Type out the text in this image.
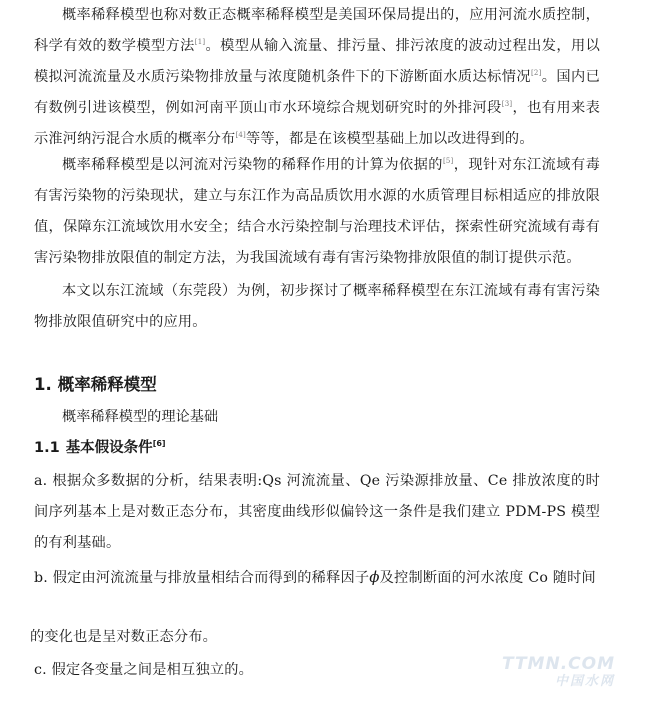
概率稀释模型也称对数正态概率稀释模型是美国环保局提出的，应用河流水质控制，科学有效的数学模型方法[1]。模型从输入流量、排污量、排污浓度的波动过程出发，用以模拟河流流量及水质污染物排放量与浓度随机条件下的下游断面水质达标情况[2]。国内已有数例引进该模型，例如河南平顶山市水环境综合规划研究时的外排河段[3]，也有用来表示淮河纳污混合水质的概率分布[4]等等，都是在该模型基础上加以改进得到的。

概率稀释模型是以河流对污染物的稀释作用的计算为依据的[5]，现针对东江流域有毒有害污染物的污染现状，建立与东江作为高品质饮用水源的水质管理目标相适应的排放限值，保障东江流域饮用水安全；结合水污染控制与治理技术评估，探索性研究流域有毒有害污染物排放限值的制定方法，为我国流域有毒有害污染物排放限值的制订提供示范。

本文以东江流域（东莞段）为例，初步探讨了概率稀释模型在东江流域有毒有害污染物排放限值研究中的应用。

1. 概率稀释模型

概率稀释模型的理论基础

1.1 基本假设条件[6]

a. 根据众多数据的分析，结果表明:Qs 河流流量、Qe 污染源排放量、Ce 排放浓度的时间序列基本上是对数正态分布，其密度曲线形似偏铃这一条件是我们建立 PDM-PS 模型的有利基础。

b. 假定由河流流量与排放量相结合而得到的稀释因子ϕ及控制断面的河水浓度 Co 随时间

的变化也是呈对数正态分布。

c. 假定各变量之间是相互独立的。	TTMN.COM
中国水网
